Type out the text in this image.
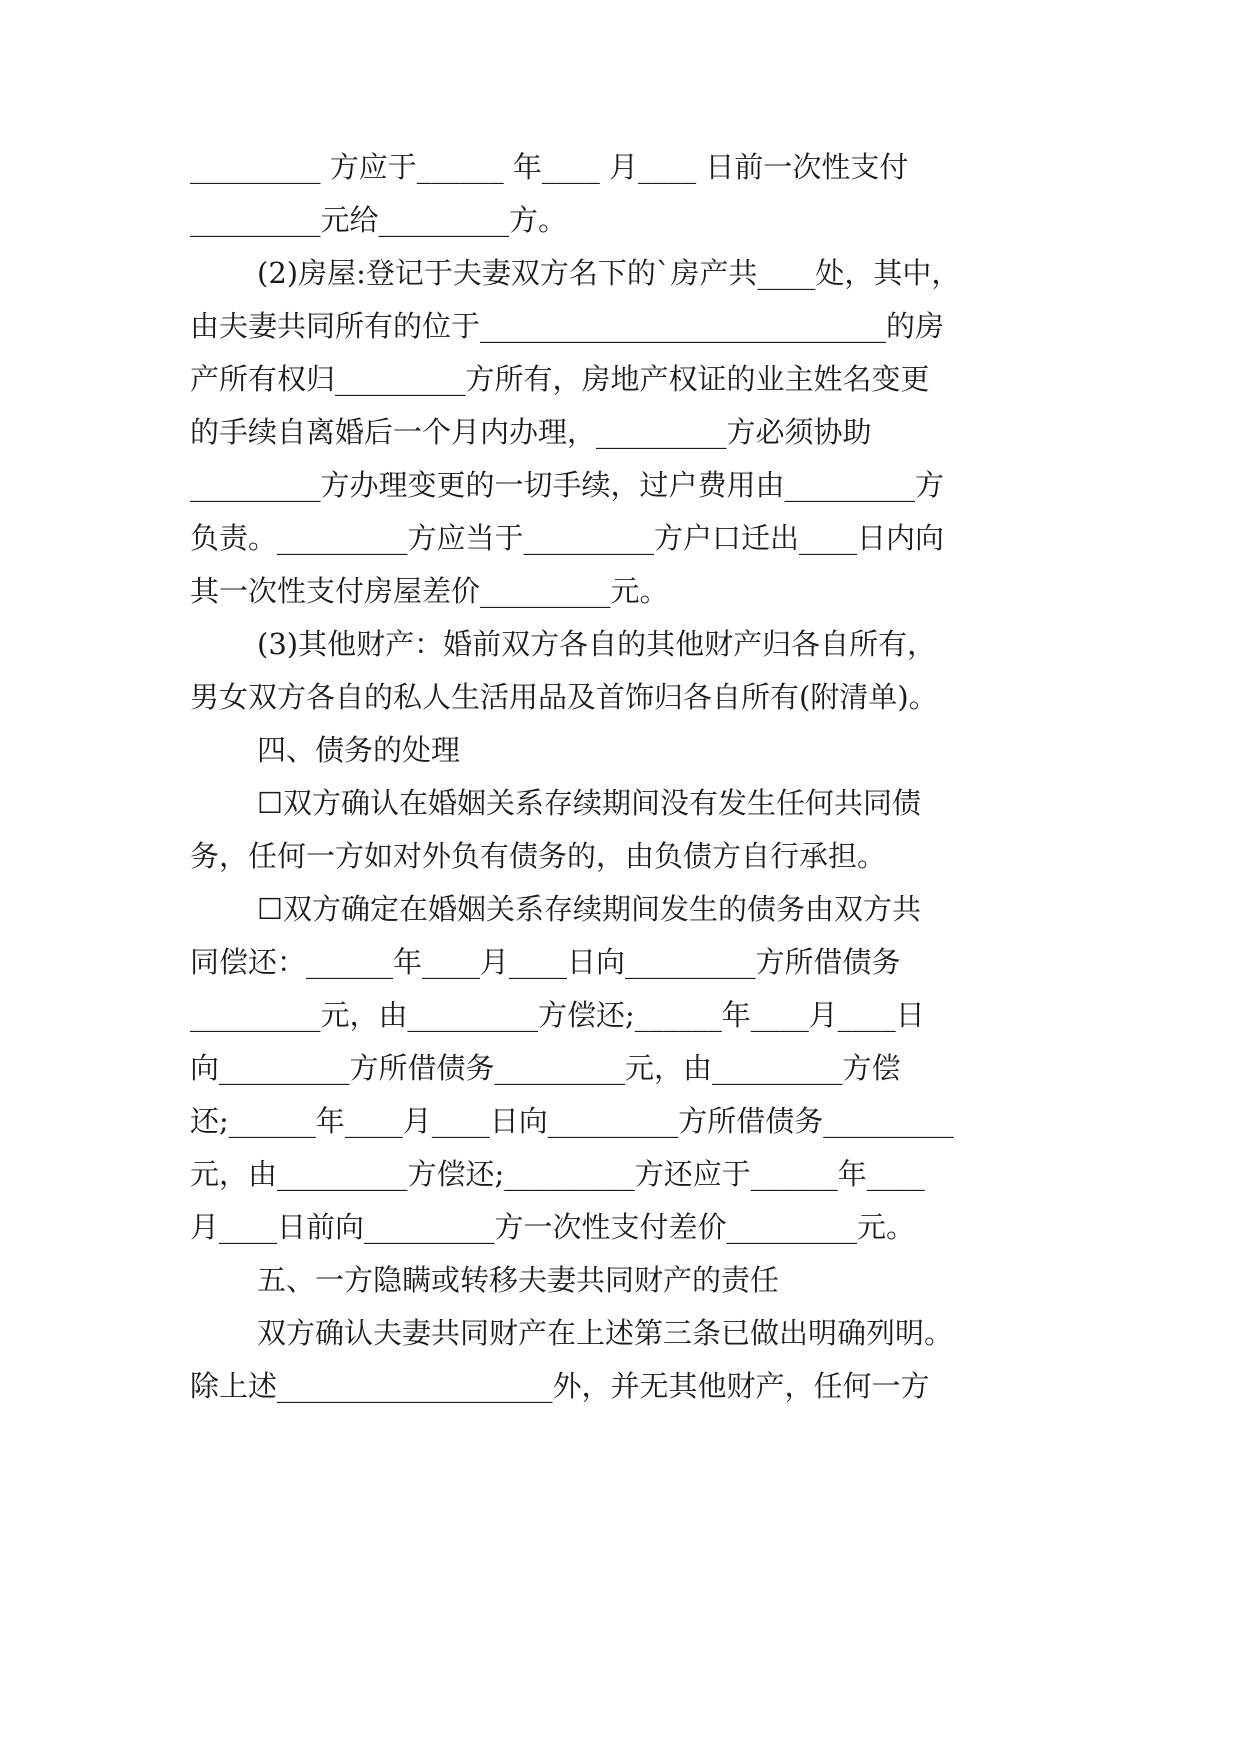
_________ 方应于______ 年____ 月____ 日前一次性支付
_________元给_________方。
(2)房屋:登记于夫妻双方名下的`房产共____处，其中，
由夫妻共同所有的位于____________________________的房
产所有权归_________方所有，房地产权证的业主姓名变更
的手续自离婚后一个月内办理，_________方必须协助
_________方办理变更的一切手续，过户费用由_________方
负责。_________方应当于_________方户口迁出____日内向
其一次性支付房屋差价_________元。
(3)其他财产：婚前双方各自的其他财产归各自所有，
男女双方各自的私人生活用品及首饰归各自所有(附清单)。
四、债务的处理
☐双方确认在婚姻关系存续期间没有发生任何共同债
务，任何一方如对外负有债务的，由负债方自行承担。
☐双方确定在婚姻关系存续期间发生的债务由双方共
同偿还：______年____月____日向_________方所借债务
_________元，由_________方偿还;______年____月____日
向_________方所借债务_________元，由_________方偿
还;______年____月____日向_________方所借债务_________
元，由_________方偿还;_________方还应于______年____
月____日前向_________方一次性支付差价_________元。
五、一方隐瞒或转移夫妻共同财产的责任
双方确认夫妻共同财产在上述第三条已做出明确列明。
除上述___________________外，并无其他财产，任何一方
